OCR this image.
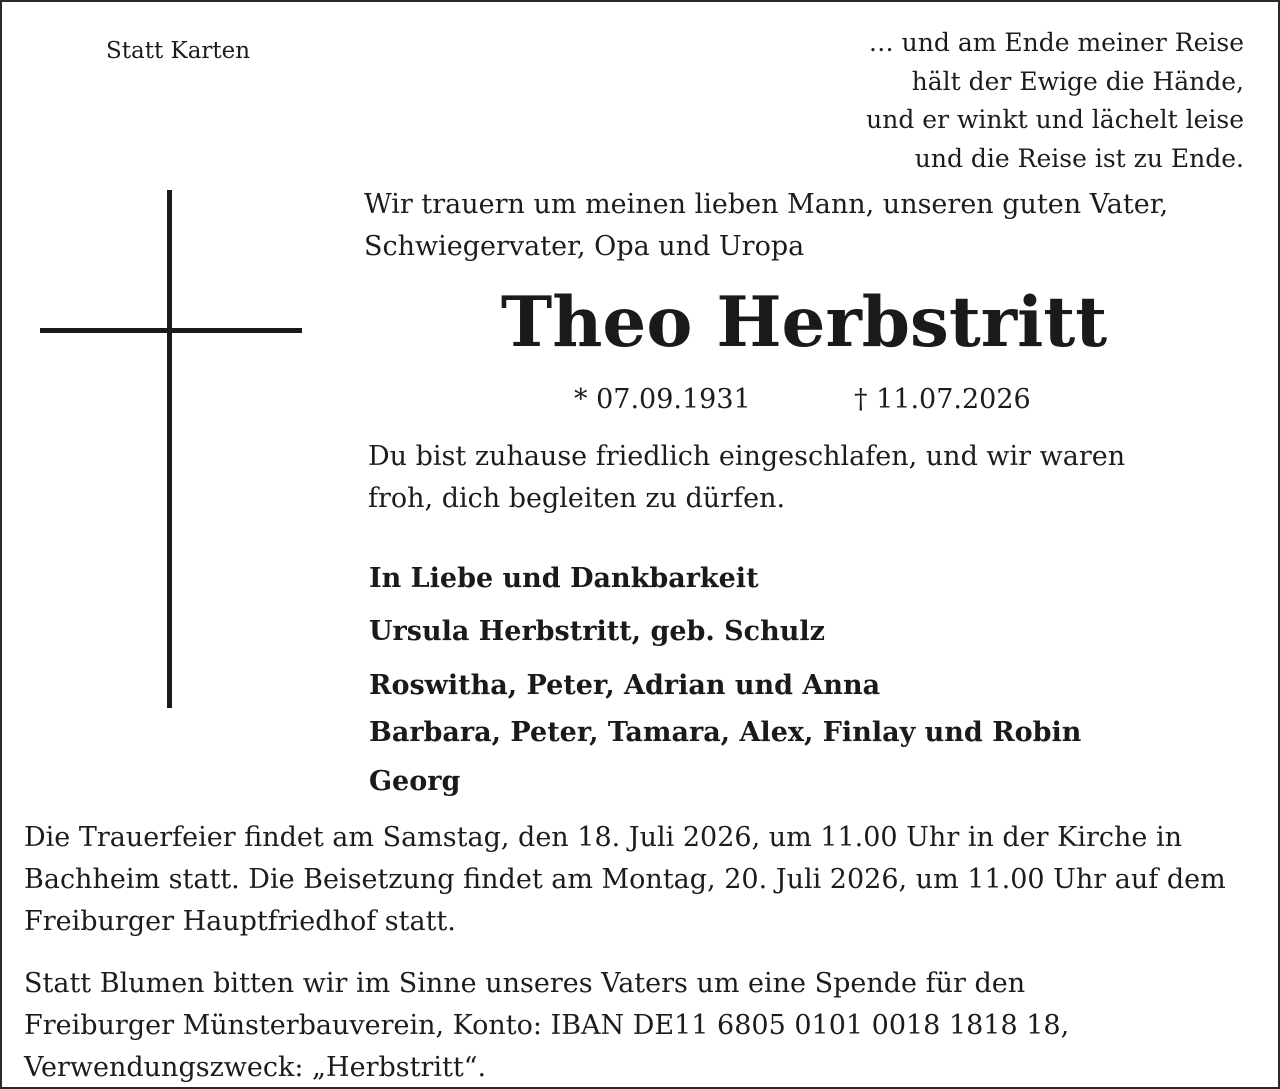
Statt Karten	… und am Ende meiner Reise
hält der Ewige die Hände,
und er winkt und lächelt leise
und die Reise ist zu Ende.
Wir trauern um meinen lieben Mann, unseren guten Vater,
Schwiegervater, Opa und Uropa
Theo Herbstritt
* 07.09.1931	† 11.07.2026
Du bist zuhause friedlich eingeschlafen, und wir waren
froh, dich begleiten zu dürfen.
In Liebe und Dankbarkeit
Ursula Herbstritt, geb. Schulz
Roswitha, Peter, Adrian und Anna
Barbara, Peter, Tamara, Alex, Finlay und Robin
Georg
Die Trauerfeier findet am Samstag, den 18. Juli 2026, um 11.00 Uhr in der Kirche in
Bachheim statt. Die Beisetzung findet am Montag, 20. Juli 2026, um 11.00 Uhr auf dem
Freiburger Hauptfriedhof statt.
Statt Blumen bitten wir im Sinne unseres Vaters um eine Spende für den
Freiburger Münsterbauverein, Konto: IBAN DE11 6805 0101 0018 1818 18,
Verwendungszweck: „Herbstritt“.
